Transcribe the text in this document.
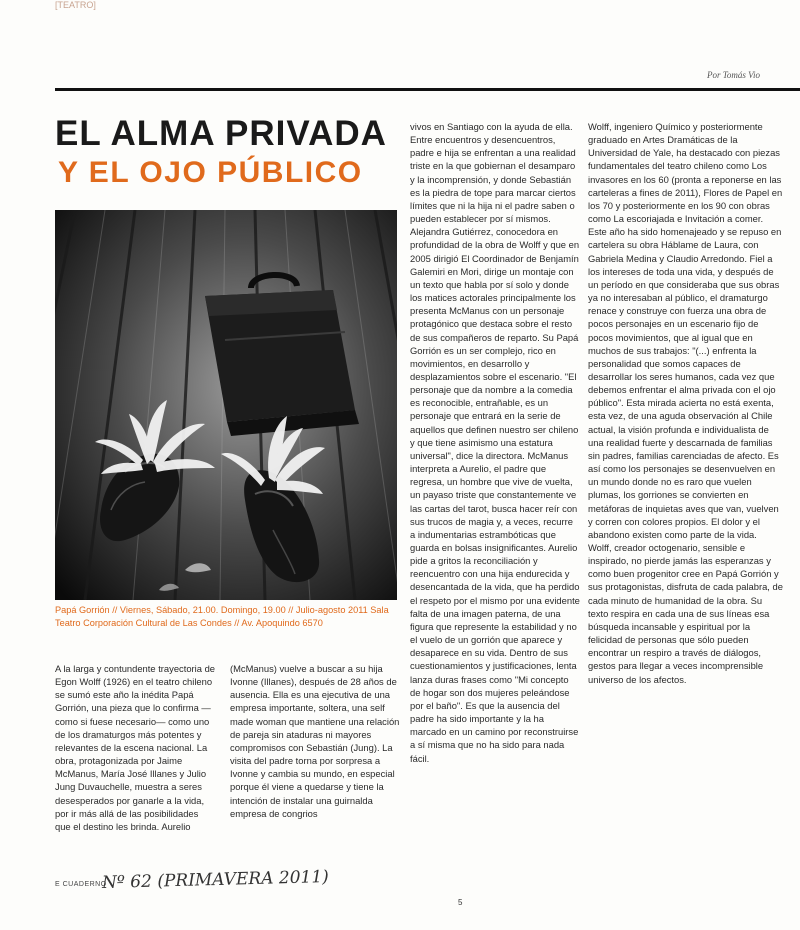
[TEATRO]
Por Tomás Vio
EL ALMA PRIVADA
Y EL OJO PÚBLICO
Papá Gorrión // Viernes, Sábado, 21.00. Domingo, 19.00 // Julio-agosto 2011 Sala Teatro Corporación Cultural de Las Condes // Av. Apoquindo 6570

A la larga y contundente trayectoria de Egon Wolff (1926) en el teatro chileno se sumó este año la inédita Papá Gorrión, una pieza que lo confirma —como si fuese necesario— como uno de los dramaturgos más potentes y relevantes de la escena nacional. La obra, protagonizada por Jaime McManus, María José Illanes y Julio Jung Duvauchelle, muestra a seres desesperados por ganarle a la vida, por ir más allá de las posibilidades que el destino les brinda. Aurelio

(McManus) vuelve a buscar a su hija Ivonne (Illanes), después de 28 años de ausencia. Ella es una ejecutiva de una empresa importante, soltera, una self made woman que mantiene una relación de pareja sin ataduras ni mayores compromisos con Sebastián (Jung). La visita del padre torna por sorpresa a Ivonne y cambia su mundo, en especial porque él viene a quedarse y tiene la intención de instalar una guirnalda empresa de congrios

vivos en Santiago con la ayuda de ella. Entre encuentros y desencuentros, padre e hija se enfrentan a una realidad triste en la que gobiernan el desamparo y la incomprensión, y donde Sebastián es la piedra de tope para marcar ciertos límites que ni la hija ni el padre saben o pueden establecer por sí mismos. Alejandra Gutiérrez, conocedora en profundidad de la obra de Wolff y que en 2005 dirigió El Coordinador de Benjamín Galemiri en Mori, dirige un montaje con un texto que habla por sí solo y donde los matices actorales principalmente los presenta McManus con un personaje protagónico que destaca sobre el resto de sus compañeros de reparto. Su Papá Gorrión es un ser complejo, rico en movimientos, en desarrollo y desplazamientos sobre el escenario. "El personaje que da nombre a la comedia es reconocible, entrañable, es un personaje que entrará en la serie de aquellos que definen nuestro ser chileno y que tiene asimismo una estatura universal", dice la directora. McManus interpreta a Aurelio, el padre que regresa, un hombre que vive de vuelta, un payaso triste que constantemente ve las cartas del tarot, busca hacer reír con sus trucos de magia y, a veces, recurre a indumentarias estrambóticas que guarda en bolsas insignificantes. Aurelio pide a gritos la reconciliación y reencuentro con una hija endurecida y desencantada de la vida, que ha perdido el respeto por el mismo por una evidente falta de una imagen paterna, de una figura que represente la estabilidad y no el vuelo de un gorrión que aparece y desaparece en su vida. Dentro de sus cuestionamientos y justificaciones, lenta lanza duras frases como "Mi concepto de hogar son dos mujeres peleándose por el baño". Es que la ausencia del padre ha sido importante y la ha marcado en un camino por reconstruirse a sí misma que no ha sido para nada fácil.

Wolff, ingeniero Químico y posteriormente graduado en Artes Dramáticas de la Universidad de Yale, ha destacado con piezas fundamentales del teatro chileno como Los invasores en los 60 (pronta a reponerse en las carteleras a fines de 2011), Flores de Papel en los 70 y posteriormente en los 90 con obras como La escoriajada e Invitación a comer. Este año ha sido homenajeado y se repuso en cartelera su obra Háblame de Laura, con Gabriela Medina y Claudio Arredondo. Fiel a los intereses de toda una vida, y después de un período en que consideraba que sus obras ya no interesaban al público, el dramaturgo renace y construye con fuerza una obra de pocos personajes en un escenario fijo de pocos movimientos, que al igual que en muchos de sus trabajos: "(...) enfrenta la personalidad que somos capaces de desarrollar los seres humanos, cada vez que debemos enfrentar el alma privada con el ojo público". Esta mirada acierta no está exenta, esta vez, de una aguda observación al Chile actual, la visión profunda e individualista de una realidad fuerte y descarnada de familias sin padres, familias carenciadas de afecto. Es así como los personajes se desenvuelven en un mundo donde no es raro que vuelen plumas, los gorriones se convierten en metáforas de inquietas aves que van, vuelven y corren con colores propios. El dolor y el abandono existen como parte de la vida. Wolff, creador octogenario, sensible e inspirado, no pierde jamás las esperanzas y como buen progenitor cree en Papá Gorrión y sus protagonistas, disfruta de cada palabra, de cada minuto de humanidad de la obra. Su texto respira en cada una de sus líneas esa búsqueda incansable y espiritual por la felicidad de personas que sólo pueden encontrar un respiro a través de diálogos, gestos para llegar a veces incomprensible universo de los afectos.

E CUADERNO
Nº 62 (PRIMAVERA 2011)
5
